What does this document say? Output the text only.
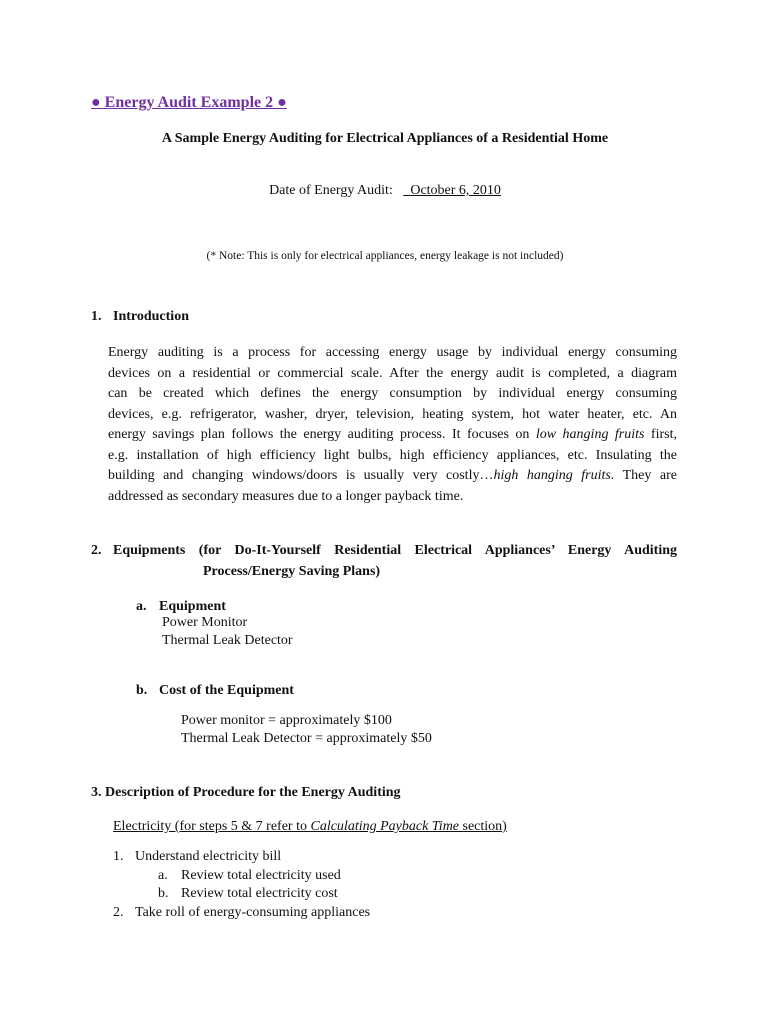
● Energy Audit Example 2 ●
A Sample Energy Auditing for Electrical Appliances of a Residential Home
Date of Energy Audit: October 6, 2010
(* Note: This is only for electrical appliances, energy leakage is not included)
1. Introduction
Energy auditing is a process for accessing energy usage by individual energy consuming
devices on a residential or commercial scale. After the energy audit is completed, a diagram
can be created which defines the energy consumption by individual energy consuming
devices, e.g. refrigerator, washer, dryer, television, heating system, hot water heater, etc. An
energy savings plan follows the energy auditing process. It focuses on low hanging fruits first,
e.g. installation of high efficiency light bulbs, high efficiency appliances, etc. Insulating the
building and changing windows/doors is usually very costly…high hanging fruits. They are
addressed as secondary measures due to a longer payback time.
2. Equipments (for Do-It-Yourself Residential Electrical Appliances’ Energy Auditing
Process/Energy Saving Plans)
a. Equipment
Power Monitor
Thermal Leak Detector
b. Cost of the Equipment
Power monitor = approximately $100
Thermal Leak Detector = approximately $50
3. Description of Procedure for the Energy Auditing
Electricity (for steps 5 & 7 refer to Calculating Payback Time section)
1. Understand electricity bill
a. Review total electricity used
b. Review total electricity cost
2. Take roll of energy-consuming appliances
